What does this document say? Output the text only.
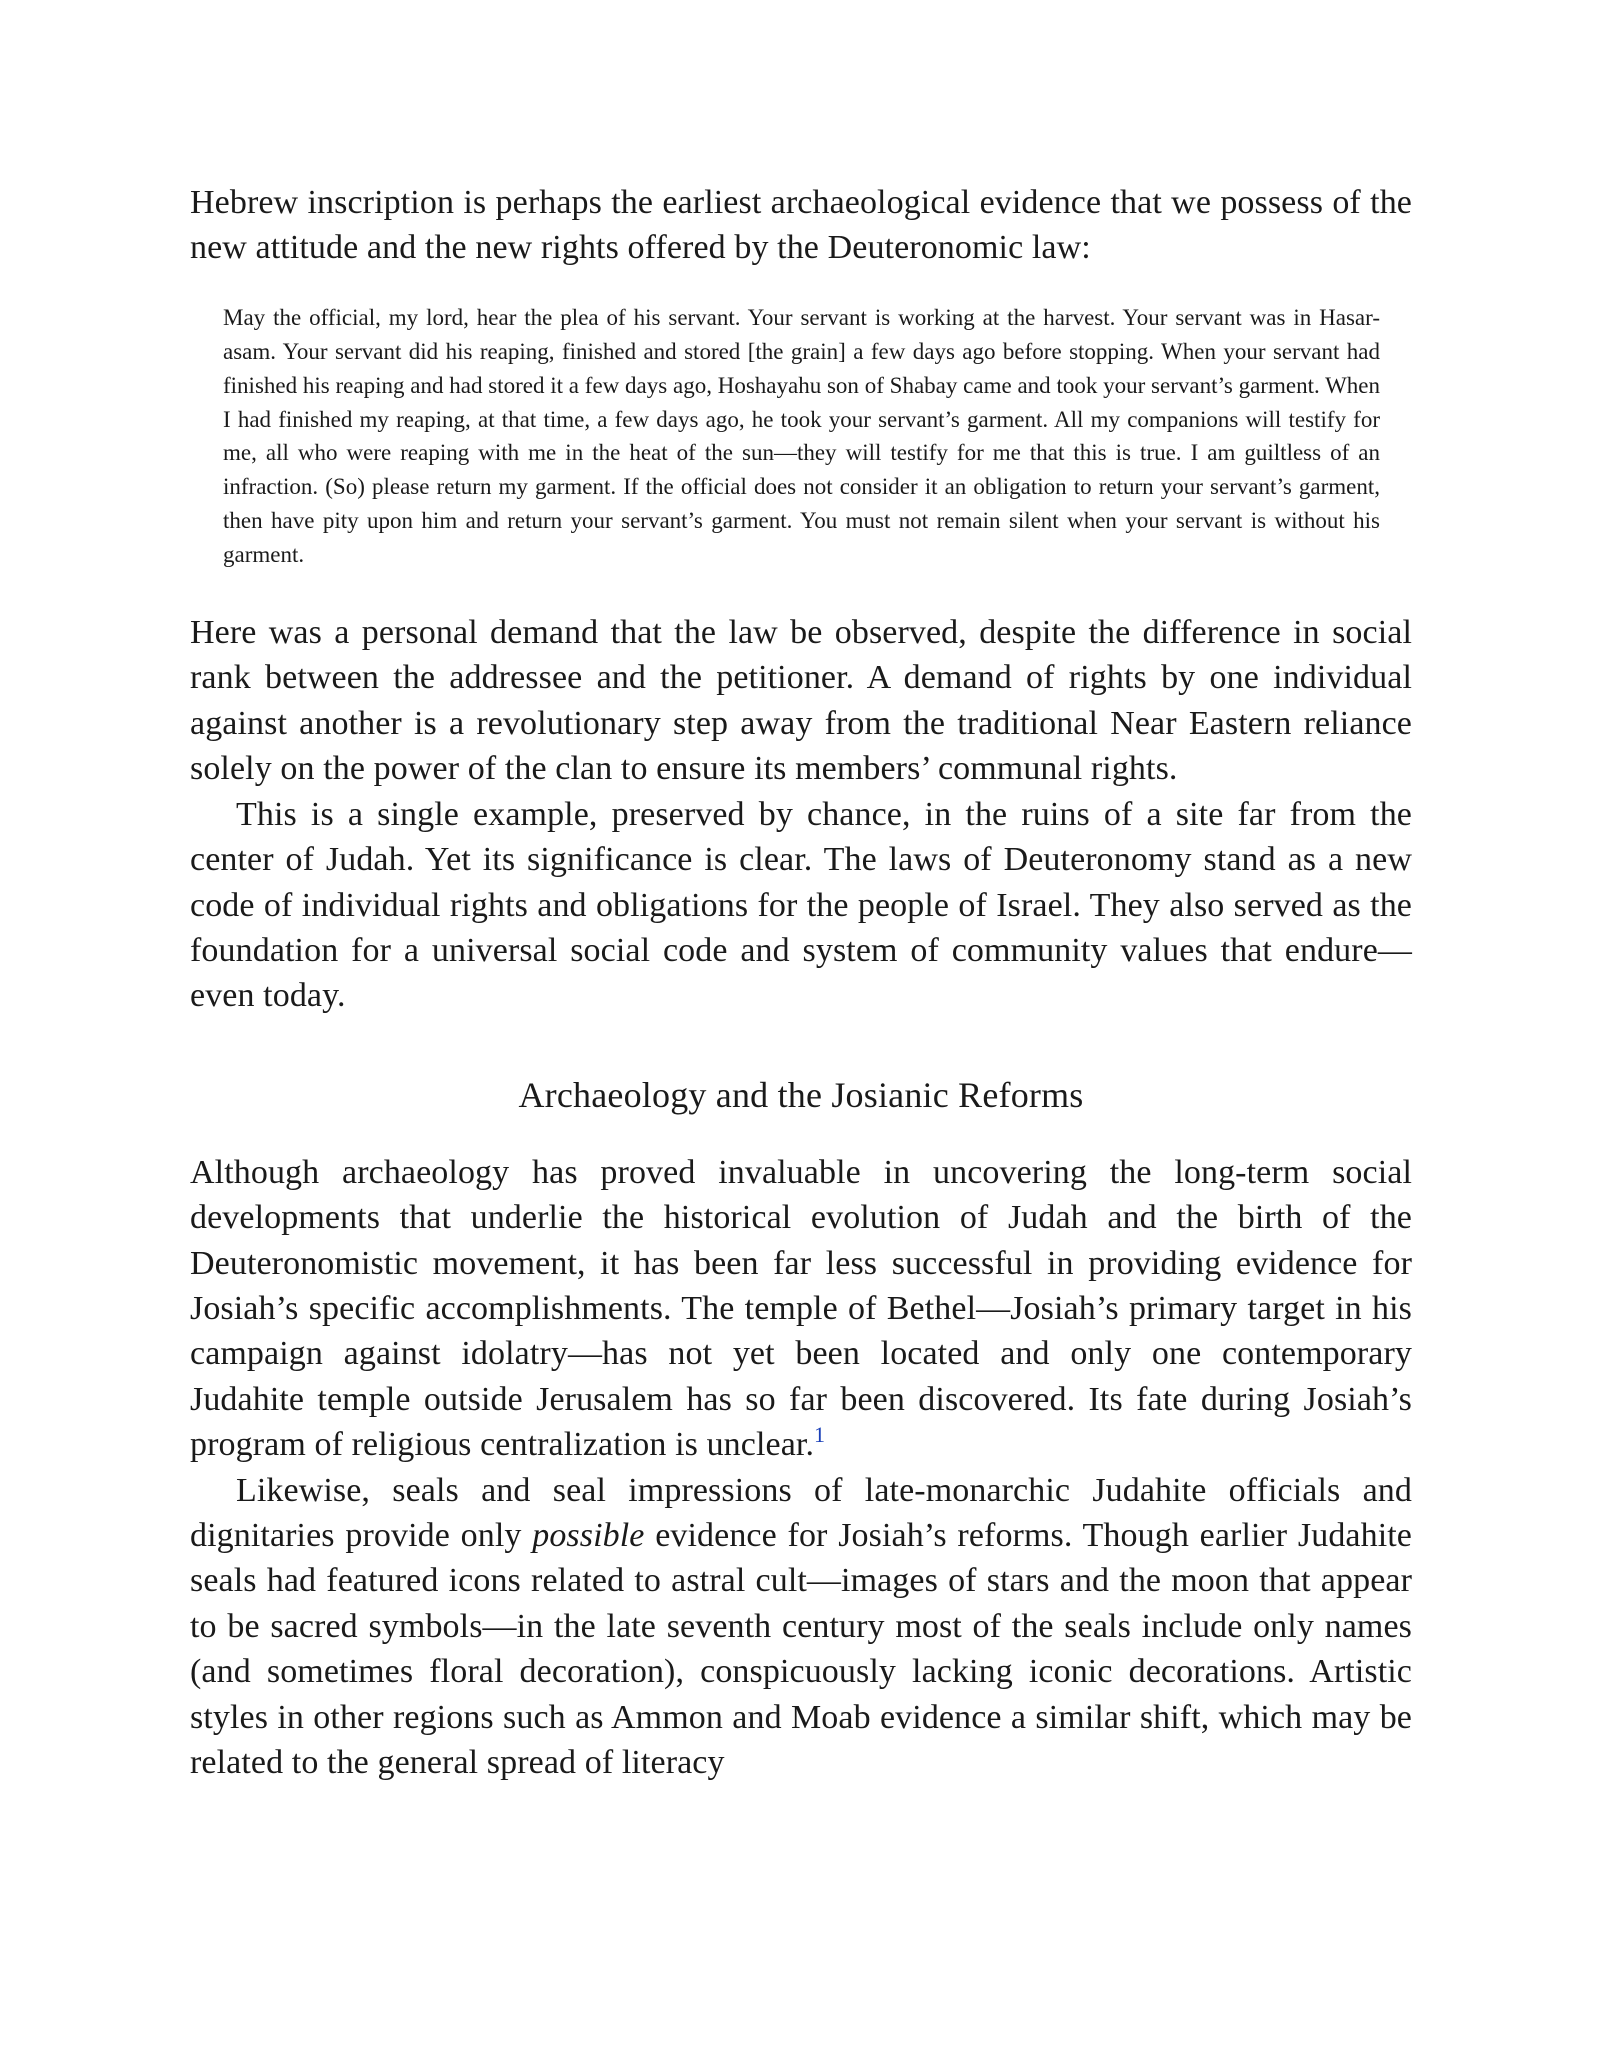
Hebrew inscription is perhaps the earliest archaeological evidence that we possess of the new attitude and the new rights offered by the Deuteronomic law:

May the official, my lord, hear the plea of his servant. Your servant is working at the harvest. Your servant was in Hasar-asam. Your servant did his reaping, finished and stored [the grain] a few days ago before stopping. When your servant had finished his reaping and had stored it a few days ago, Hoshayahu son of Shabay came and took your servant’s garment. When I had finished my reaping, at that time, a few days ago, he took your servant’s garment. All my companions will testify for me, all who were reaping with me in the heat of the sun—they will testify for me that this is true. I am guiltless of an infraction. (So) please return my garment. If the official does not consider it an obligation to return your servant’s garment, then have pity upon him and return your servant’s garment. You must not remain silent when your servant is without his garment.

Here was a personal demand that the law be observed, despite the difference in social rank between the addressee and the petitioner. A demand of rights by one individual against another is a revolutionary step away from the traditional Near Eastern reliance solely on the power of the clan to ensure its members’ communal rights.

This is a single example, preserved by chance, in the ruins of a site far from the center of Judah. Yet its significance is clear. The laws of Deuteronomy stand as a new code of individual rights and obligations for the people of Israel. They also served as the foundation for a universal social code and system of community values that endure—even today.

Archaeology and the Josianic Reforms

Although archaeology has proved invaluable in uncovering the long-term social developments that underlie the historical evolution of Judah and the birth of the Deuteronomistic movement, it has been far less successful in providing evidence for Josiah’s specific accomplishments. The temple of Bethel—Josiah’s primary target in his campaign against idolatry—has not yet been located and only one contemporary Judahite temple outside Jerusalem has so far been discovered. Its fate during Josiah’s program of religious centralization is unclear.$^1$

Likewise, seals and seal impressions of late-monarchic Judahite officials and dignitaries provide only possible evidence for Josiah’s reforms. Though earlier Judahite seals had featured icons related to astral cult—images of stars and the moon that appear to be sacred symbols—in the late seventh century most of the seals include only names (and sometimes floral decoration), conspicuously lacking iconic decorations. Artistic styles in other regions such as Ammon and Moab evidence a similar shift, which may be related to the general spread of literacy
